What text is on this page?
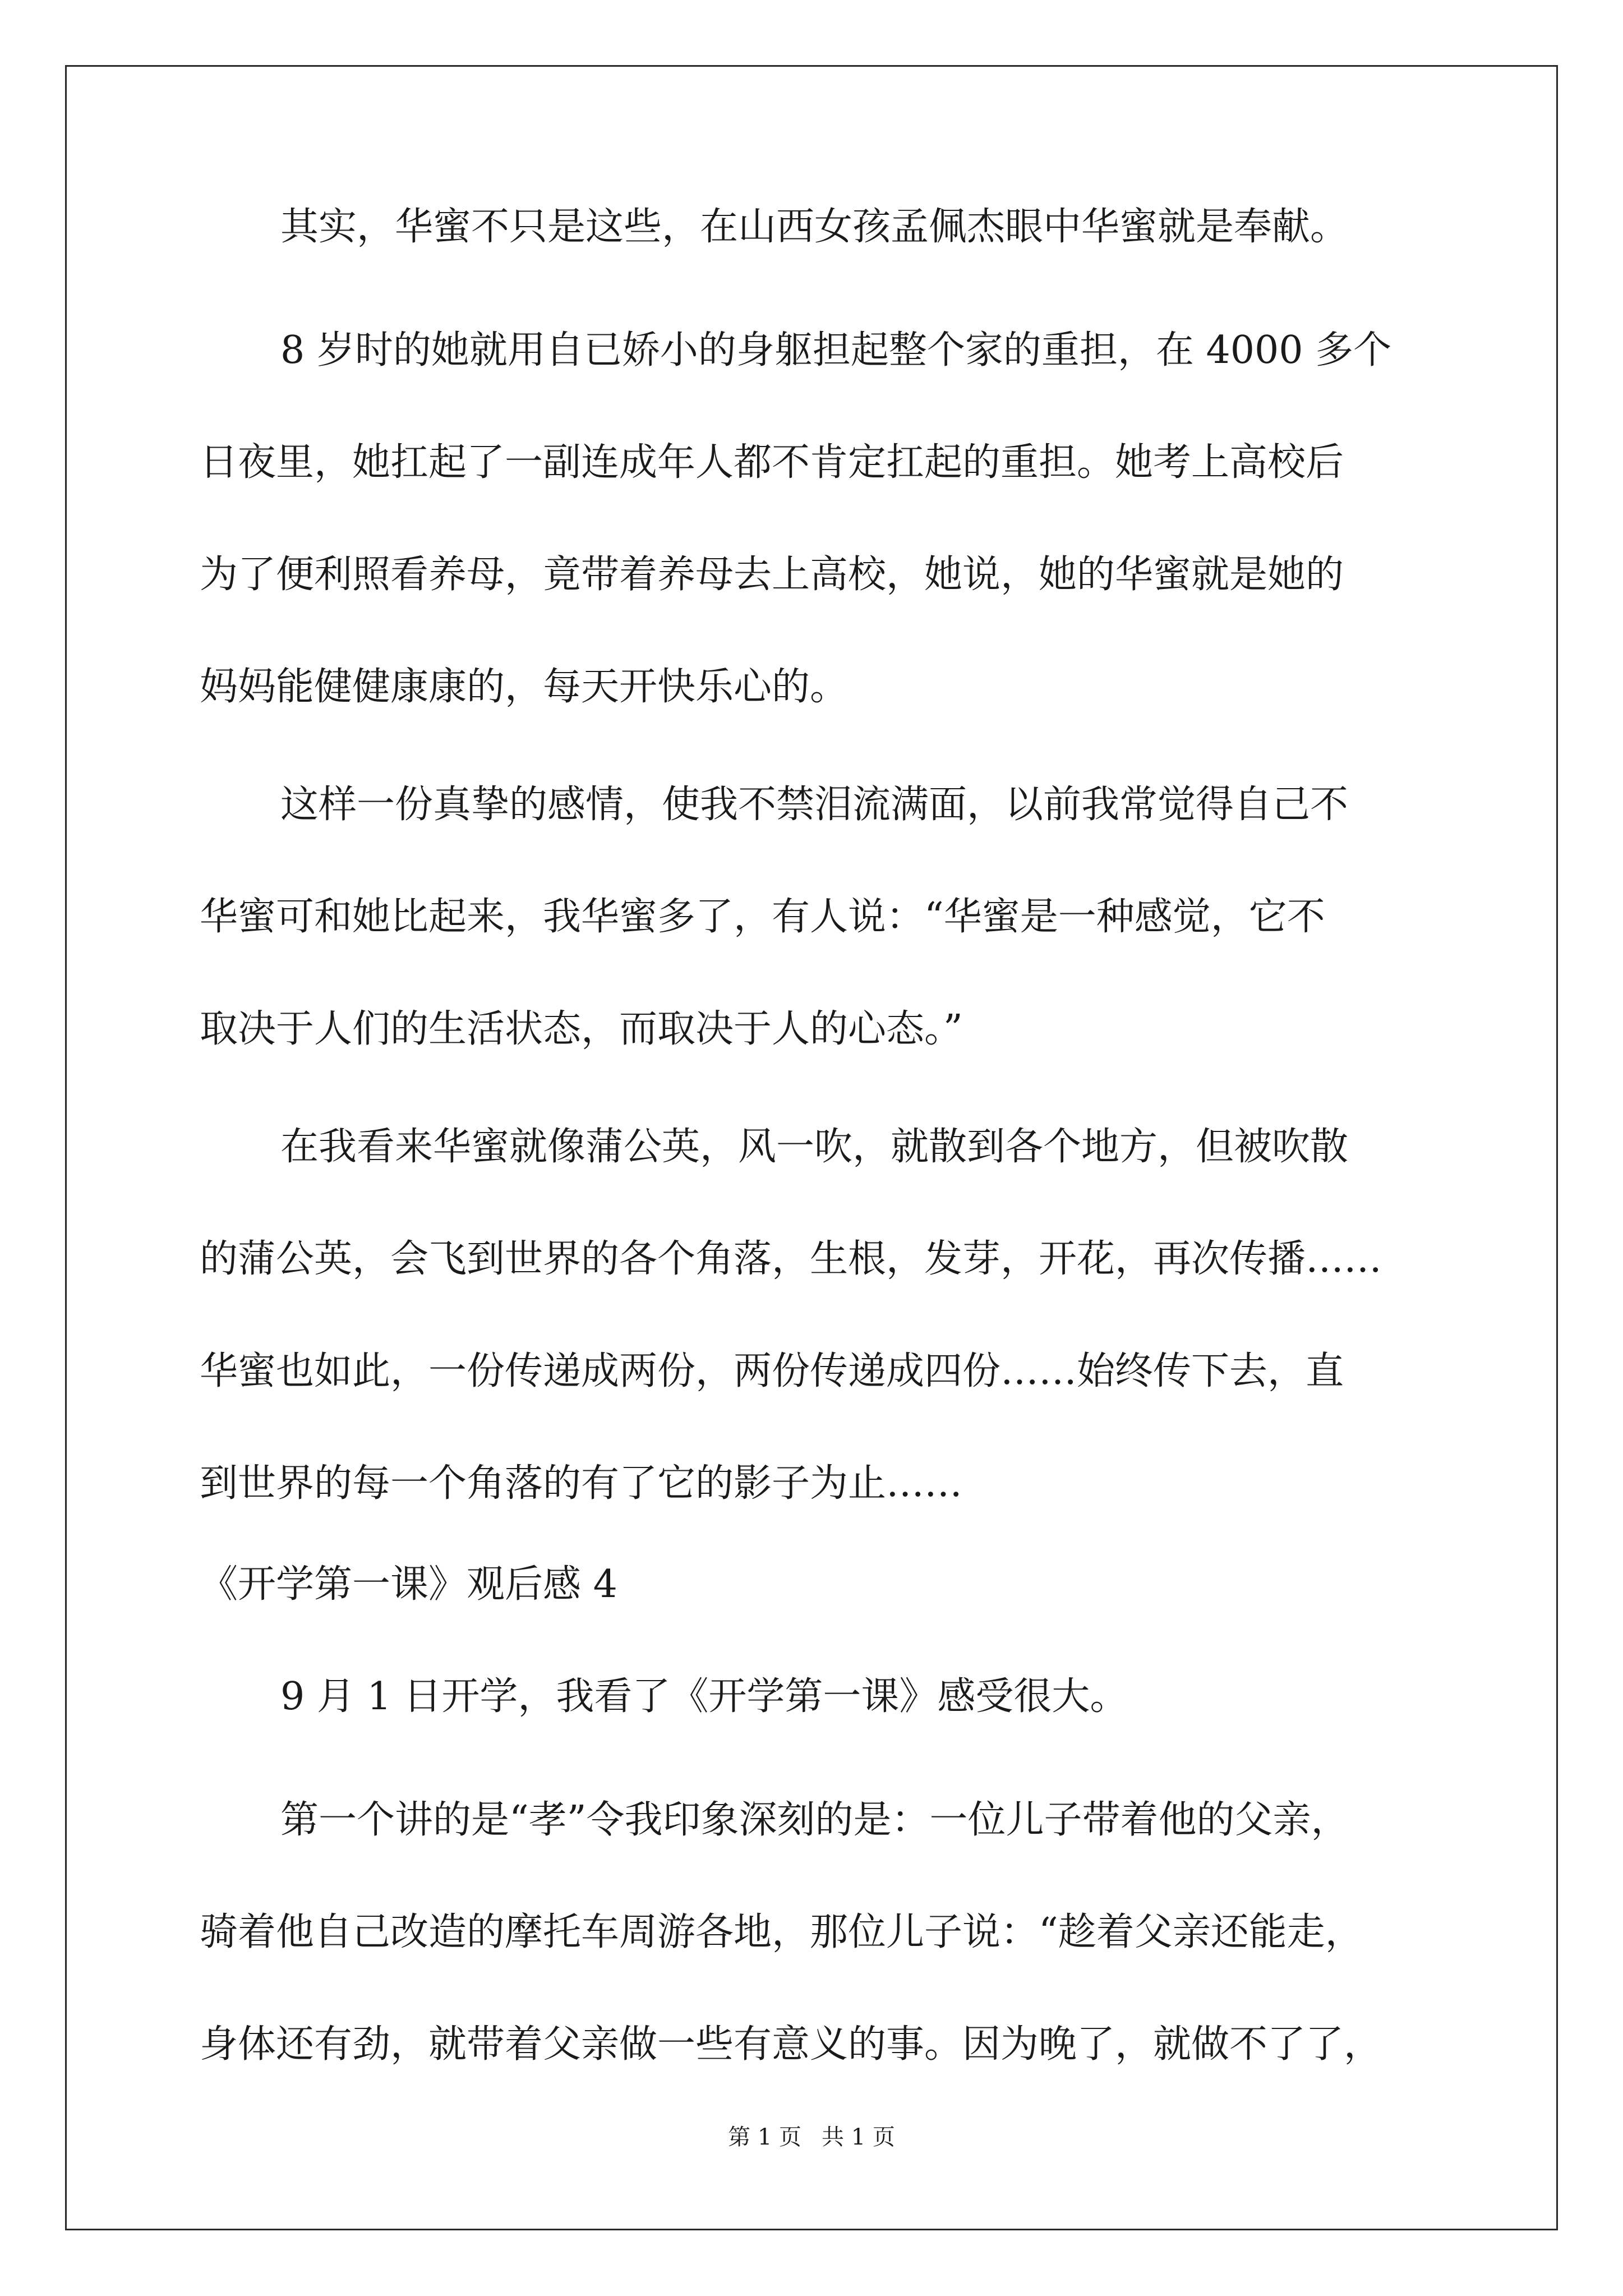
其实，华蜜不只是这些，在山西女孩孟佩杰眼中华蜜就是奉献。
8 岁时的她就用自已娇小的身躯担起整个家的重担，在 4000 多个
日夜里，她扛起了一副连成年人都不肯定扛起的重担。她考上高校后
为了便利照看养母，竟带着养母去上高校，她说，她的华蜜就是她的
妈妈能健健康康的，每天开快乐心的。
这样一份真挚的感情，使我不禁泪流满面，以前我常觉得自己不
华蜜可和她比起来，我华蜜多了，有人说：“华蜜是一种感觉，它不
取决于人们的生活状态，而取决于人的心态。”
在我看来华蜜就像蒲公英，风一吹，就散到各个地方，但被吹散
的蒲公英，会飞到世界的各个角落，生根，发芽，开花，再次传播……
华蜜也如此，一份传递成两份，两份传递成四份……始终传下去，直
到世界的每一个角落的有了它的影子为止……
《开学第一课》观后感 4
9 月 1 日开学，我看了《开学第一课》感受很大。
第一个讲的是“孝”令我印象深刻的是：一位儿子带着他的父亲，
骑着他自己改造的摩托车周游各地，那位儿子说：“趁着父亲还能走，
身体还有劲，就带着父亲做一些有意义的事。因为晚了，就做不了了，
第 1 页 共 1 页
